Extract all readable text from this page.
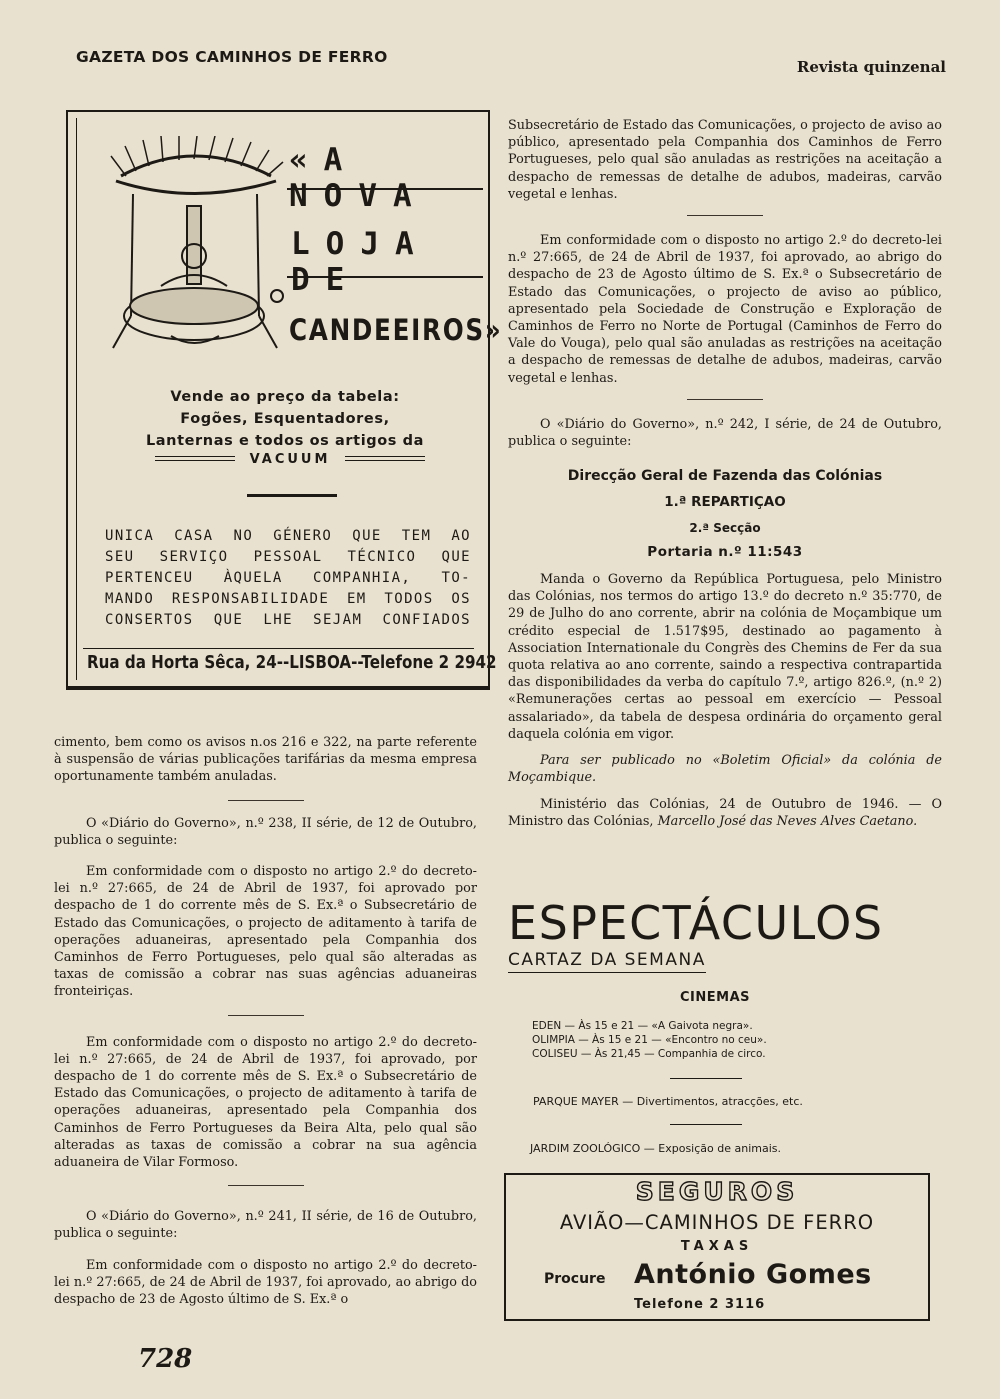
GAZETA DOS CAMINHOS DE FERRO
Revista quinzenal
«A NOVA
LOJA DE
CANDEEIROS»
Vende ao preço da tabela: Fogões, Esquentadores, Lanternas e todos os artigos da
VACUUM
UNICA CASA NO GÉNERO QUE TEM AO
SEU SERVIÇO PESSOAL TÉCNICO QUE
PERTENCEU ÀQUELA COMPANHIA, TO-
MANDO RESPONSABILIDADE EM TODOS OS
CONSERTOS QUE LHE SEJAM CONFIADOS
Rua da Horta Sêca, 24--LISBOA--Telefone 2 2942

cimento, bem como os avisos n.os 216 e 322, na parte referente à suspensão de várias publicações tarifárias da mesma empresa oportunamente também anuladas.

O «Diário do Governo», n.º 238, II série, de 12 de Outubro, publica o seguinte:

Em conformidade com o disposto no artigo 2.º do decreto-lei n.º 27:665, de 24 de Abril de 1937, foi aprovado por despacho de 1 do corrente mês de S. Ex.ª o Subsecretário de Estado das Comunicações, o projecto de aditamento à tarifa de operações aduaneiras, apresentado pela Companhia dos Caminhos de Ferro Portugueses, pelo qual são alteradas as taxas de comissão a cobrar nas suas agências aduaneiras fronteiriças.

Em conformidade com o disposto no artigo 2.º do decreto-lei n.º 27:665, de 24 de Abril de 1937, foi aprovado, por despacho de 1 do corrente mês de S. Ex.ª o Subsecretário de Estado das Comunicações, o projecto de aditamento à tarifa de operações aduaneiras, apresentado pela Companhia dos Caminhos de Ferro Portugueses da Beira Alta, pelo qual são alteradas as taxas de comissão a cobrar na sua agência aduaneira de Vilar Formoso.

O «Diário do Governo», n.º 241, II série, de 16 de Outubro, publica o seguinte:

Em conformidade com o disposto no artigo 2.º do decreto-lei n.º 27:665, de 24 de Abril de 1937, foi aprovado, ao abrigo do despacho de 23 de Agosto último de S. Ex.ª o

Subsecretário de Estado das Comunicações, o projecto de aviso ao público, apresentado pela Companhia dos Caminhos de Ferro Portugueses, pelo qual são anuladas as restrições na aceitação a despacho de remessas de detalhe de adubos, madeiras, carvão vegetal e lenhas.

Em conformidade com o disposto no artigo 2.º do decreto-lei n.º 27:665, de 24 de Abril de 1937, foi aprovado, ao abrigo do despacho de 23 de Agosto último de S. Ex.ª o Subsecretário de Estado das Comunicações, o projecto de aviso ao público, apresentado pela Sociedade de Construção e Exploração de Caminhos de Ferro no Norte de Portugal (Caminhos de Ferro do Vale do Vouga), pelo qual são anuladas as restrições na aceitação a despacho de remessas de detalhe de adubos, madeiras, carvão vegetal e lenhas.

O «Diário do Governo», n.º 242, I série, de 24 de Outubro, publica o seguinte:

Direcção Geral de Fazenda das Colónias
1.ª REPARTIÇAO
2.ª Secção
Portaria n.º 11:543

Manda o Governo da República Portuguesa, pelo Ministro das Colónias, nos termos do artigo 13.º do decreto n.º 35:770, de 29 de Julho do ano corrente, abrir na colónia de Moçambique um crédito especial de 1.517$95, destinado ao pagamento à Association Internationale du Congrès des Chemins de Fer da sua quota relativa ao ano corrente, saindo a respectiva contrapartida das disponibilidades da verba do capítulo 7.º, artigo 826.º, (n.º 2) «Remunerações certas ao pessoal em exercício — Pessoal assalariado», da tabela de despesa ordinária do orçamento geral daquela colónia em vigor.

Para ser publicado no «Boletim Oficial» da colónia de Moçambique.

Ministério das Colónias, 24 de Outubro de 1946. — O Ministro das Colónias, Marcello José das Neves Alves Caetano.

ESPECTÁCULOS
CARTAZ DA SEMANA
CINEMAS
EDEN — Às 15 e 21 — «A Gaivota negra».
OLIMPIA — Às 15 e 21 — «Encontro no ceu».
COLISEU — Às 21,45 — Companhia de circo.
PARQUE MAYER — Divertimentos, atracções, etc.
JARDIM ZOOLÓGICO — Exposição de animais.
SEGUROS
AVIÃO—CAMINHOS DE FERRO
TAXAS
Procure António Gomes
Telefone 2 3116
728
